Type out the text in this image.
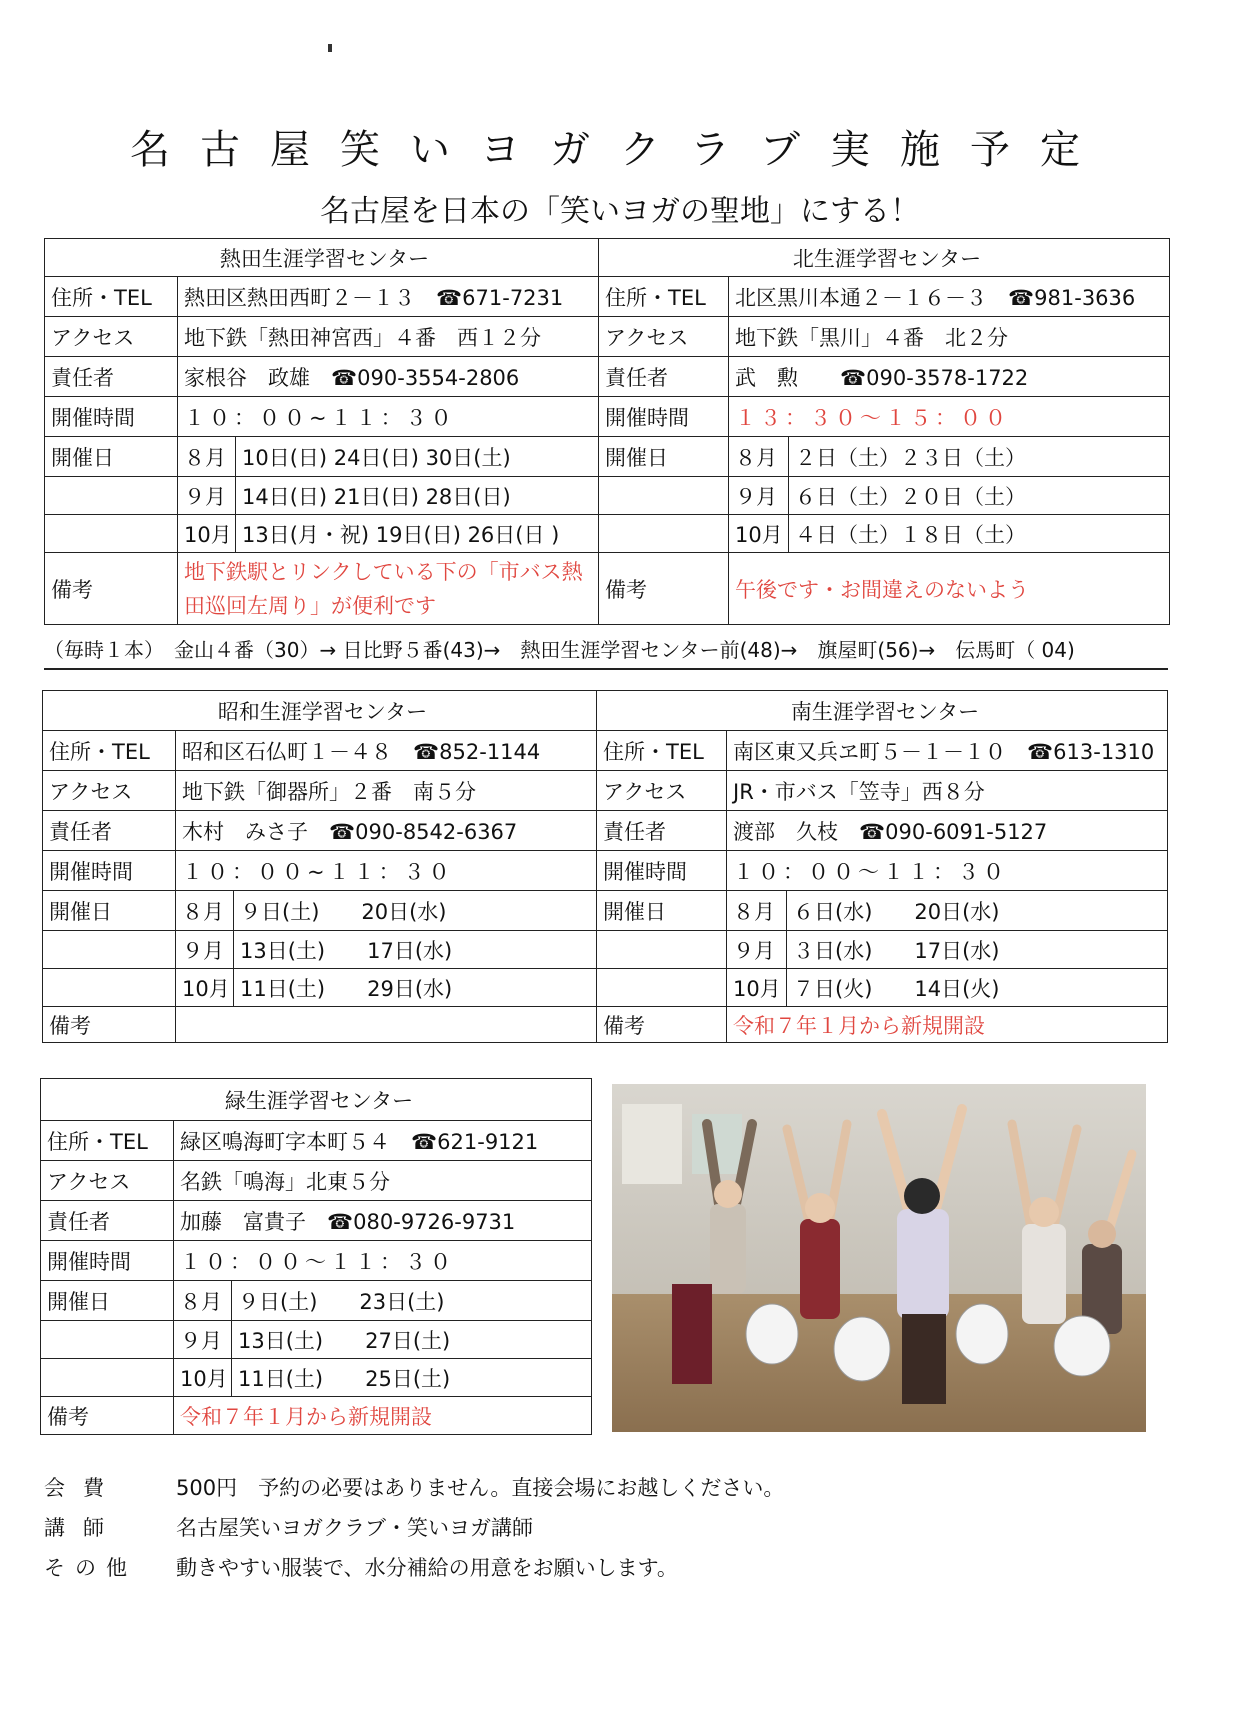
名古屋笑いヨガクラブ実施予定
名古屋を日本の「笑いヨガの聖地」にする！
熱田生涯学習センター		
住所・TEL	熱田区熱田西町２－１３　☎671-7231	
アクセス	地下鉄「熱田神宮西」４番　西１２分	
責任者	家根谷　政雄　☎090-3554-2806	
開催時間	１０：００~１１：３０	
開催日	８月	10日(日) 24日(日) 30日(土)
	９月	14日(日) 21日(日) 28日(日)
	10月	13日(月・祝) 19日(日) 26日(日 )
備考	地下鉄駅とリンクしている下の「市バス熱田巡回左周り」が便利です	
北生涯学習センター		
住所・TEL	北区黒川本通２－１６－３　☎981-3636	
アクセス	地下鉄「黒川」４番　北２分	
責任者	武　勲　　☎090-3578-1722	
開催時間	１３：３０～１５：００	
開催日	８月	２日（土）２３日（土）
	９月	６日（土）２０日（土）
	10月	４日（土）１８日（土）
備考	午後です・お間違えのないよう	
（毎時１本）　金山４番（30）→ 日比野５番(43)→　熱田生涯学習センター前(48)→　旗屋町(56)→　伝馬町（ 04)
昭和生涯学習センター		
住所・TEL	昭和区石仏町１－４８　☎852-1144	
アクセス	地下鉄「御器所」２番　南５分	
責任者	木村　みさ子　☎090-8542-6367	
開催時間	１０：００~１１：３０	
開催日	８月	９日(土)　　20日(水)
	９月	13日(土)　　17日(水)
	10月	11日(土)　　29日(水)
備考		
南生涯学習センター		
住所・TEL	南区東又兵ヱ町５－１－１０　☎613-1310	
アクセス	JR・市バス「笠寺」西８分	
責任者	渡部　久枝　☎090-6091-5127	
開催時間	１０：００～１１：３０	
開催日	８月	６日(水)　　20日(水)
	９月	３日(水)　　17日(水)
	10月	７日(火)　　14日(火)
備考	令和７年１月から新規開設	
緑生涯学習センター		
住所・TEL	緑区鳴海町字本町５４　☎621-9121	
アクセス	名鉄「鳴海」北東５分	
責任者	加藤　富貴子　☎080-9726-9731	
開催時間	１０：００～１１：３０	
開催日	８月	９日(土)　　23日(土)
	９月	13日(土)　　27日(土)
	10月	11日(土)　　25日(土)
備考	令和７年１月から新規開設	
会費	500円　予約の必要はありません。直接会場にお越しください。
講師	名古屋笑いヨガクラブ・笑いヨガ講師
その他 動きやすい服装で、水分補給の用意をお願いします。
